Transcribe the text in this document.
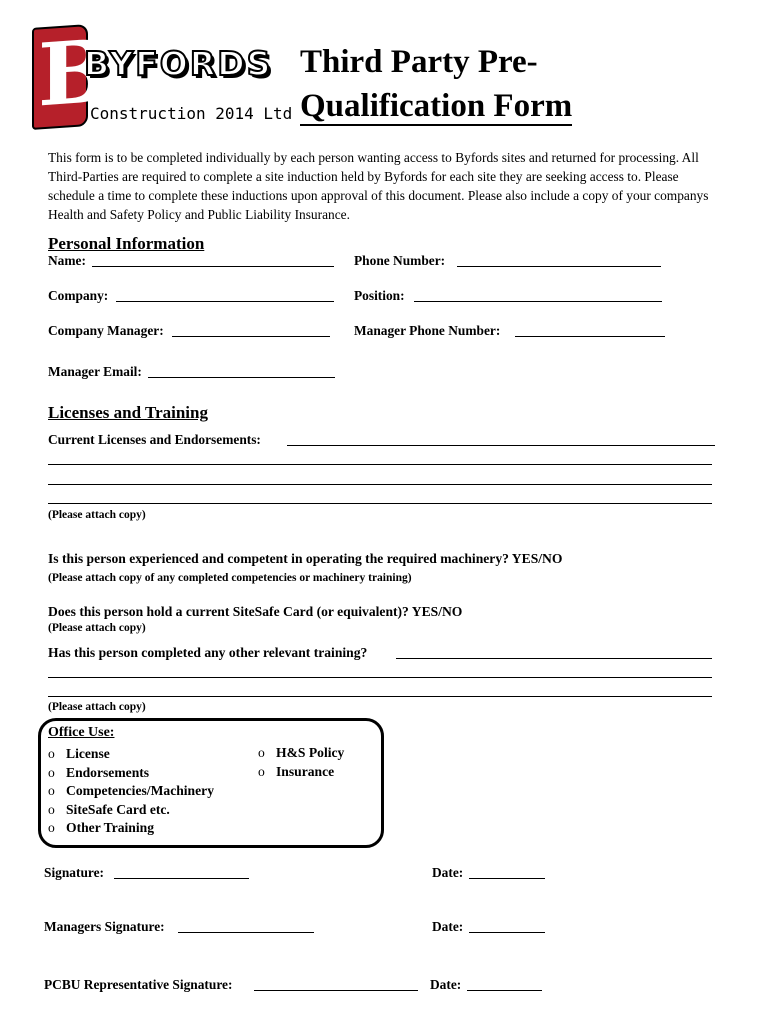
B
BYFORDS
Construction 2014 Ltd
Third Party Pre-
Qualification Form
This form is to be completed individually by each person wanting access to Byfords sites and returned for processing. All Third-Parties are required to complete a site induction held by Byfords for each site they are seeking access to. Please schedule a time to complete these inductions upon approval of this document. Please also include a copy of your companys Health and Safety Policy and Public Liability Insurance.
Personal Information
Name:	Phone Number:
Company:	Position:
Company Manager:	Manager Phone Number:
Manager Email:
Licenses and Training
Current Licenses and Endorsements:
(Please attach copy)
Is this person experienced and competent in operating the required machinery? YES/NO
(Please attach copy of any completed competencies or machinery training)
Does this person hold a current SiteSafe Card (or equivalent)? YES/NO
(Please attach copy)
Has this person completed any other relevant training?
(Please attach copy)
Office Use:
o License
o Endorsements
o Competencies/Machinery
o SiteSafe Card etc.
o Other Training
o H&S Policy
o Insurance
Signature:	Date:
Managers Signature:	Date:
PCBU Representative Signature:	Date:
